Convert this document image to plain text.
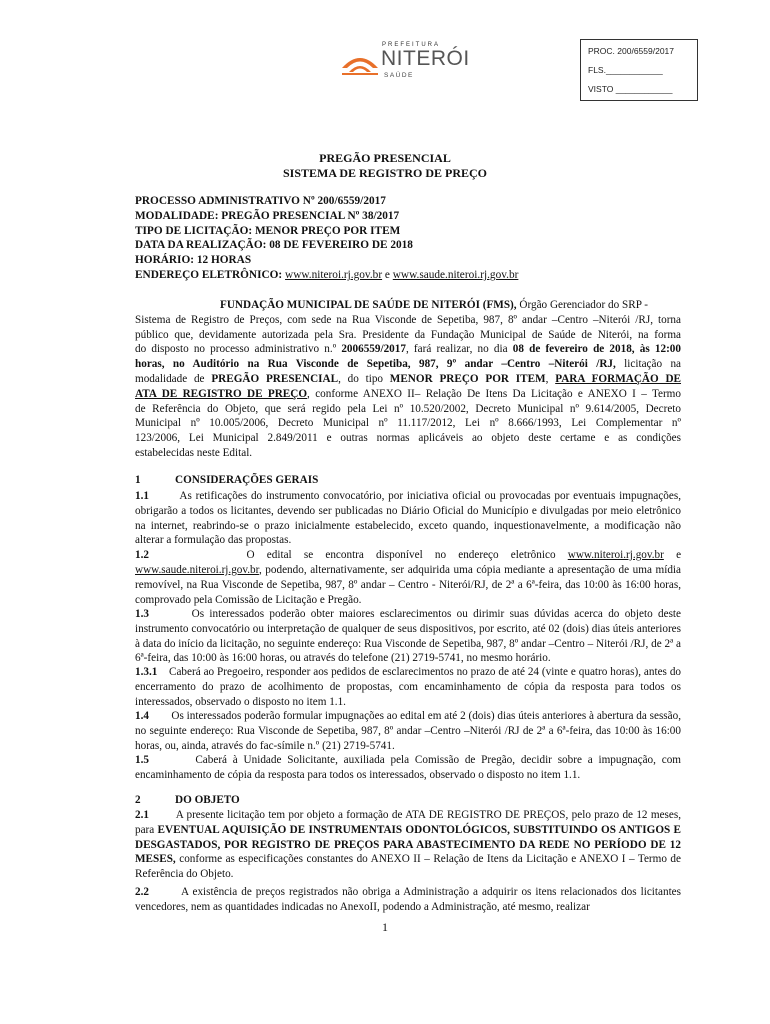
PREFEITURA
NITERÓI
SAÚDE
PROC. 200/6559/2017
FLS.____________
VISTO ____________
PREGÃO PRESENCIAL
SISTEMA DE REGISTRO DE PREÇO
PROCESSO ADMINISTRATIVO Nº 200/6559/2017
MODALIDADE: PREGÃO PRESENCIAL Nº 38/2017
TIPO DE LICITAÇÃO: MENOR PREÇO POR ITEM
DATA DA REALIZAÇÃO: 08 DE FEVEREIRO DE 2018
HORÁRIO: 12 HORAS
ENDEREÇO ELETRÔNICO: www.niteroi.rj.gov.br e www.saude.niteroi.rj.gov.br
FUNDAÇÃO MUNICIPAL DE SAÚDE DE NITERÓI (FMS), Órgão Gerenciador do SRP -
Sistema de Registro de Preços, com sede na Rua Visconde de Sepetiba, 987, 8º andar –Centro –Niterói /RJ, torna
público que, devidamente autorizada pela Sra. Presidente da Fundação Municipal de Saúde de Niterói, na forma
do disposto no processo administrativo n.º 2006559/2017, fará realizar, no dia 08 de fevereiro de 2018, às 12:00
horas, no Auditório na Rua Visconde de Sepetiba, 987, 9º andar –Centro –Niterói /RJ, licitação na
modalidade de PREGÃO PRESENCIAL, do tipo MENOR PREÇO POR ITEM, PARA FORMAÇÃO DE
ATA DE REGISTRO DE PREÇO, conforme ANEXO II– Relação De Itens Da Licitação e ANEXO I – Termo
de Referência do Objeto, que será regido pela Lei nº 10.520/2002, Decreto Municipal nº 9.614/2005, Decreto
Municipal nº 10.005/2006, Decreto Municipal nº 11.117/2012, Lei nº 8.666/1993, Lei Complementar nº
123/2006, Lei Municipal 2.849/2011 e outras normas aplicáveis ao objeto deste certame e as condições
estabelecidas neste Edital.
1	CONSIDERAÇÕES GERAIS
1.1	As retificações do instrumento convocatório, por iniciativa oficial ou provocadas por eventuais impugnações, obrigarão a todos os licitantes, devendo ser publicadas no Diário Oficial do Município e divulgadas por meio eletrônico na internet, reabrindo-se o prazo inicialmente estabelecido, exceto quando, inquestionavelmente, a modificação não alterar a formulação das propostas.
1.2	O edital se encontra disponível no endereço eletrônico www.niteroi.rj.gov.br e
www.saude.niteroi.rj.gov.br, podendo, alternativamente, ser adquirida uma cópia mediante a apresentação de uma mídia removível, na Rua Visconde de Sepetiba, 987, 8º andar – Centro - Niterói/RJ, de 2ª a 6ª-feira, das 10:00 às 16:00 horas, comprovado pela Comissão de Licitação e Pregão.
1.3	Os interessados poderão obter maiores esclarecimentos ou dirimir suas dúvidas acerca do objeto deste instrumento convocatório ou interpretação de qualquer de seus dispositivos, por escrito, até 02 (dois) dias úteis anteriores à data do início da licitação, no seguinte endereço: Rua Visconde de Sepetiba, 987, 8º andar –Centro – Niterói /RJ, de 2ª a 6ª-feira, das 10:00 às 16:00 horas, ou através do telefone (21) 2719-5741, no mesmo horário.
1.3.1 Caberá ao Pregoeiro, responder aos pedidos de esclarecimentos no prazo de até 24 (vinte e quatro horas), antes do encerramento do prazo de acolhimento de propostas, com encaminhamento de cópia da resposta para todos os interessados, observado o disposto no item 1.1.
1.4 Os interessados poderão formular impugnações ao edital em até 2 (dois) dias úteis anteriores à abertura da sessão, no seguinte endereço: Rua Visconde de Sepetiba, 987, 8º andar –Centro –Niterói /RJ de 2ª a 6ª-feira, das 10:00 às 16:00 horas, ou, ainda, através do fac-símile n.º (21) 2719-5741.
1.5	Caberá à Unidade Solicitante, auxiliada pela Comissão de Pregão, decidir sobre a impugnação, com encaminhamento de cópia da resposta para todos os interessados, observado o disposto no item 1.1.
2	DO OBJETO
2.1 A presente licitação tem por objeto a formação de ATA DE REGISTRO DE PREÇOS, pelo prazo de 12 meses, para EVENTUAL AQUISIÇÃO DE INSTRUMENTAIS ODONTOLÓGICOS, SUBSTITUINDO OS ANTIGOS E DESGASTADOS, POR REGISTRO DE PREÇOS PARA ABASTECIMENTO DA REDE NO PERÍODO DE 12 MESES, conforme as especificações constantes do ANEXO II – Relação de Itens da Licitação e ANEXO I – Termo de Referência do Objeto.
2.2	A existência de preços registrados não obriga a Administração a adquirir os itens relacionados dos licitantes vencedores, nem as quantidades indicadas no AnexoII, podendo a Administração, até mesmo, realizar
1
